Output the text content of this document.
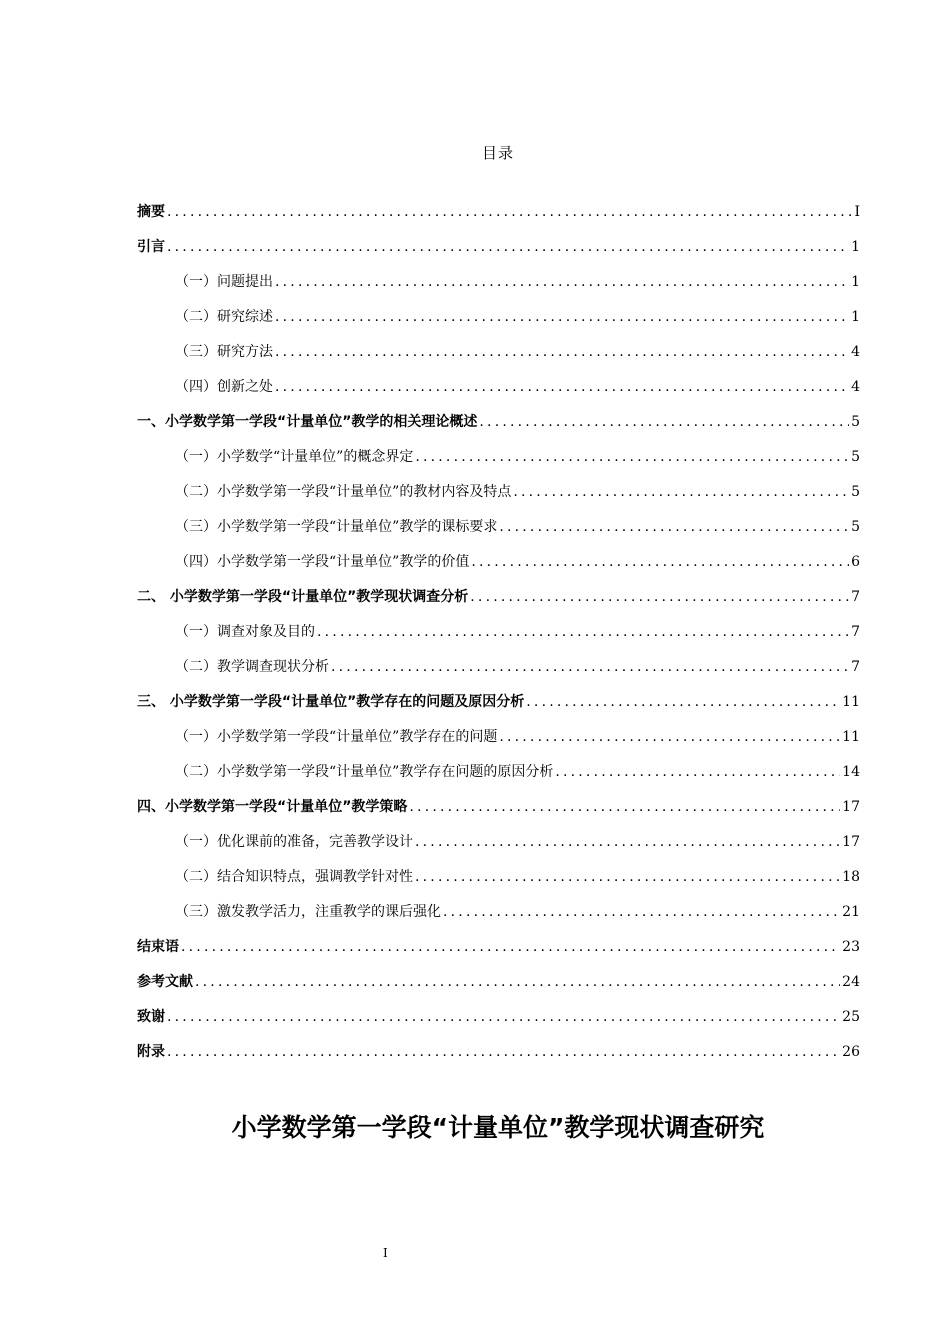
目录
摘要 .....	I
引言 .....	1
（一）问题提出 .....	1
（二）研究综述 .....	1
（三）研究方法 .....	4
（四）创新之处 .....	4
一、小学数学第一学段“计量单位”教学的相关理论概述 .....	5
（一）小学数学“计量单位”的概念界定 .....	5
（二）小学数学第一学段“计量单位”的教材内容及特点 .....	5
（三）小学数学第一学段“计量单位”教学的课标要求 .....	5
（四）小学数学第一学段“计量单位”教学的价值 .....	6
二、 小学数学第一学段“计量单位”教学现状调查分析 .....	7
（一）调查对象及目的 .....	7
（二）教学调查现状分析 .....	7
三、 小学数学第一学段“计量单位”教学存在的问题及原因分析 .....	11
（一）小学数学第一学段“计量单位”教学存在的问题 .....	11
（二）小学数学第一学段“计量单位”教学存在问题的原因分析 .....	14
四、小学数学第一学段“计量单位”教学策略 .....	17
（一）优化课前的准备，完善教学设计 .....	17
（二）结合知识特点，强调教学针对性 .....	18
（三）激发教学活力，注重教学的课后强化 .....	21
结束语 .....	23
参考文献 .....	24
致谢 .....	25
附录 .....	26
小学数学第一学段“计量单位”教学现状调查研究
I
